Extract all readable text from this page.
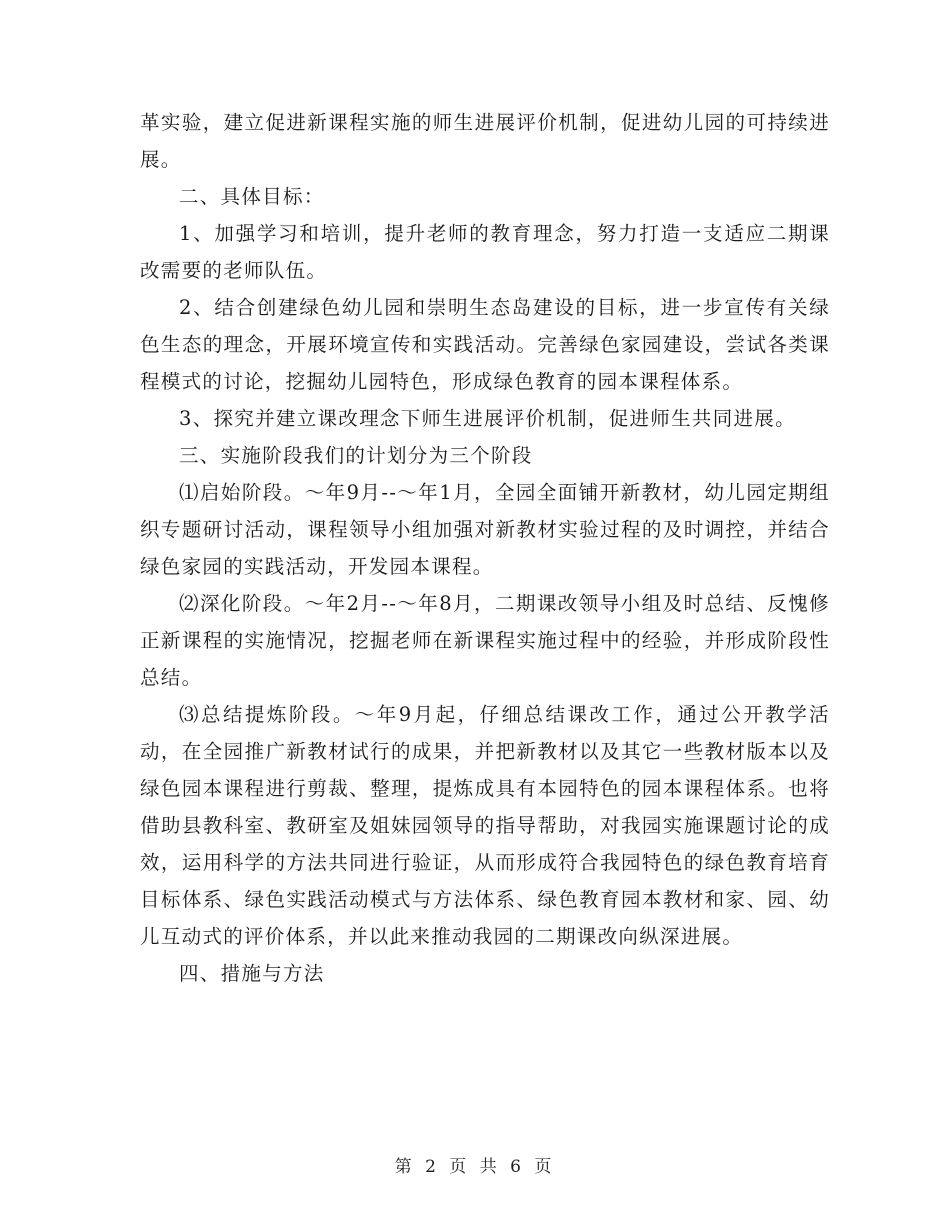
革实验，建立促进新课程实施的师生进展评价机制，促进幼儿园的可持续进展。

二、具体目标：

1、加强学习和培训，提升老师的教育理念，努力打造一支适应二期课改需要的老师队伍。

2、结合创建绿色幼儿园和崇明生态岛建设的目标，进一步宣传有关绿色生态的理念，开展环境宣传和实践活动。完善绿色家园建设，尝试各类课程模式的讨论，挖掘幼儿园特色，形成绿色教育的园本课程体系。

3、探究并建立课改理念下师生进展评价机制，促进师生共同进展。

三、实施阶段我们的计划分为三个阶段

⑴启始阶段。～年9月--～年1月，全园全面铺开新教材，幼儿园定期组织专题研讨活动，课程领导小组加强对新教材实验过程的及时调控，并结合绿色家园的实践活动，开发园本课程。

⑵深化阶段。～年2月--～年8月，二期课改领导小组及时总结、反愧修正新课程的实施情况，挖掘老师在新课程实施过程中的经验，并形成阶段性总结。

⑶总结提炼阶段。～年9月起，仔细总结课改工作，通过公开教学活动，在全园推广新教材试行的成果，并把新教材以及其它一些教材版本以及绿色园本课程进行剪裁、整理，提炼成具有本园特色的园本课程体系。也将借助县教科室、教研室及姐妹园领导的指导帮助，对我园实施课题讨论的成效，运用科学的方法共同进行验证，从而形成符合我园特色的绿色教育培育目标体系、绿色实践活动模式与方法体系、绿色教育园本教材和家、园、幼儿互动式的评价体系，并以此来推动我园的二期课改向纵深进展。

四、措施与方法

第 2 页 共 6 页
